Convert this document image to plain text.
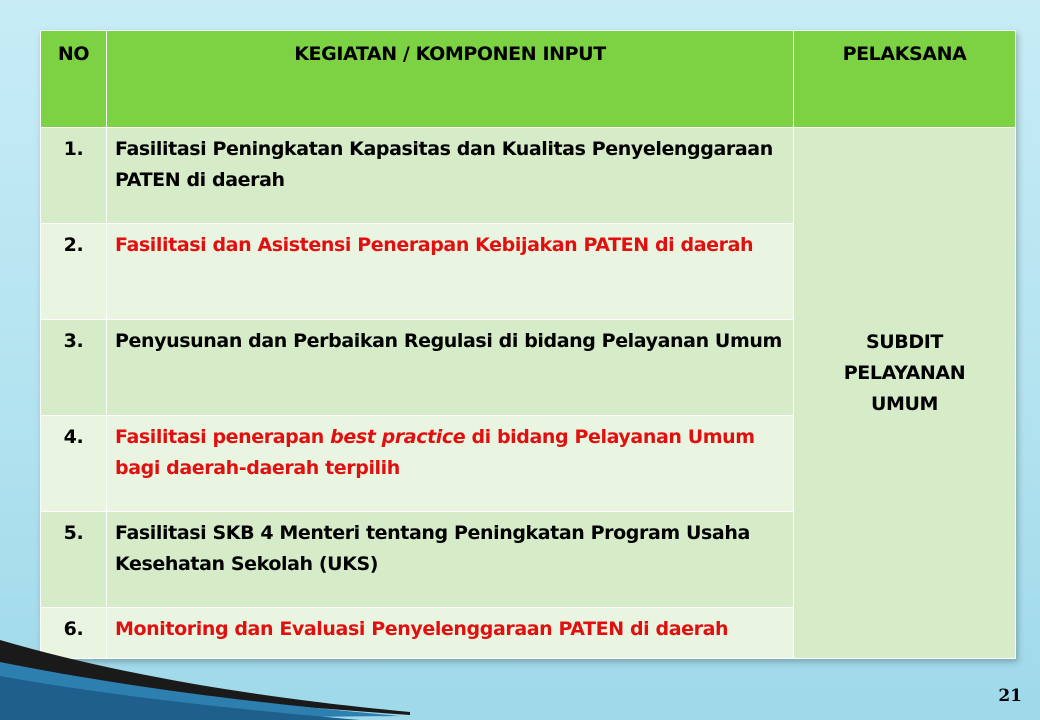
NO	KEGIATAN / KOMPONEN INPUT	PELAKSANA
1.	Fasilitasi Peningkatan Kapasitas dan Kualitas Penyelenggaraan PATEN di daerah	SUBDIT
PELAYANAN
UMUM

2.	Fasilitasi dan Asistensi Penerapan Kebijakan PATEN di daerah	
3.	Penyusunan dan Perbaikan Regulasi di bidang Pelayanan Umum	
4.	Fasilitasi penerapan best practice di bidang Pelayanan Umum bagi daerah-daerah terpilih	
5.	Fasilitasi SKB 4 Menteri tentang Peningkatan Program Usaha Kesehatan Sekolah (UKS)	
6.	Monitoring dan Evaluasi Penyelenggaraan PATEN di daerah	
21
